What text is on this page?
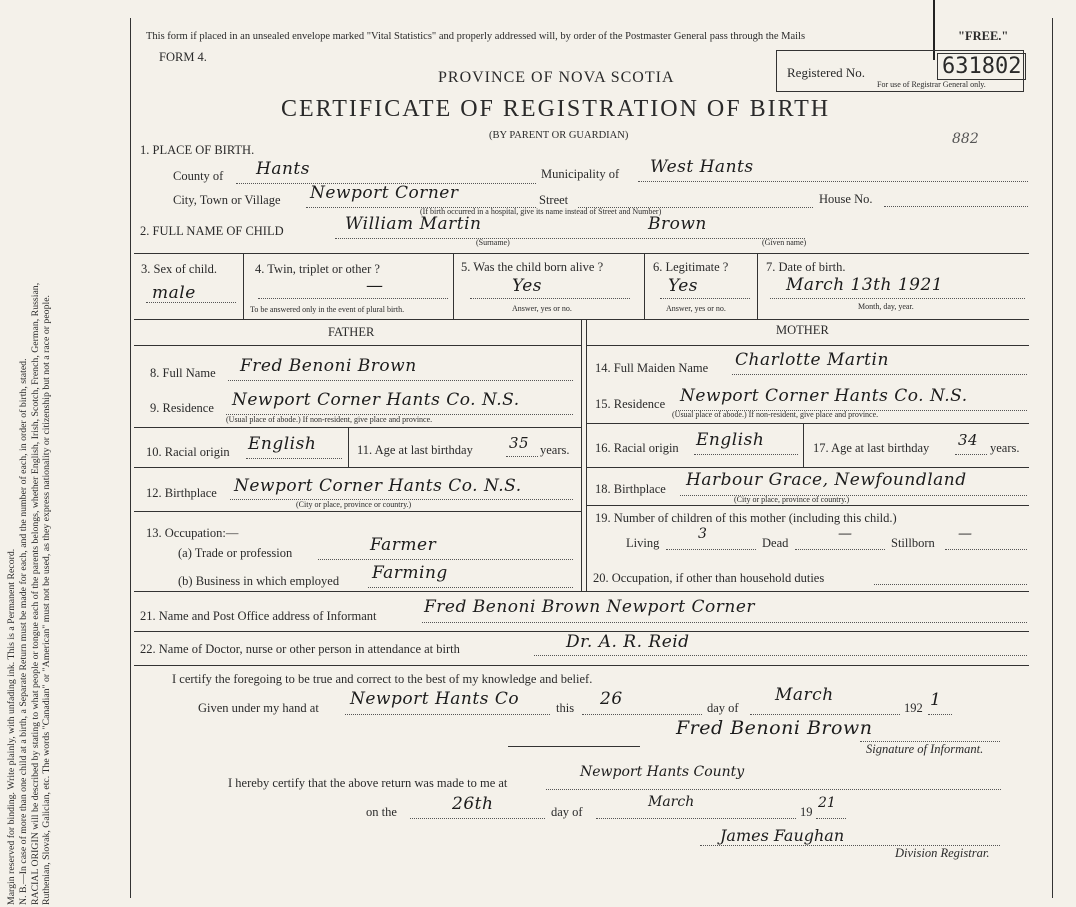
Margin reserved for binding. Write plainly, with unfading ink. This is a Permanent Record. N. B.—In case of more than one child at a birth, a Separate Return must be made for each, and the number of each, in order of birth, stated. RACIAL ORIGIN will be described by stating to what people or tongue each of the parents belongs, whether English, Irish, Scotch, French, German, Russian, Ruthenian, Slovak, Galician, etc. The words "Canadian" or "American" must not be used, as they express nationality or citizenship but not a race or people.
This form if placed in an unsealed envelope marked "Vital Statistics" and properly addressed will, by order of the Postmaster General pass through the Mails	"FREE."
FORM 4.
PROVINCE OF NOVA SCOTIA
CERTIFICATE OF REGISTRATION OF BIRTH
(BY PARENT OR GUARDIAN)
Registered No.	631802
For use of Registrar General only.
882
1. PLACE OF BIRTH.
County of Hants	Municipality of West Hants
City, Town or Village Newport Corner	Street	House No.
(If birth occurred in a hospital, give its name instead of Street and Number)
2. FULL NAME OF CHILD	William Martin	Brown
(Surname)	(Given name)
3. Sex of child.
male
4. Twin, triplet or other ?
—
To be answered only in the event of plural birth.
5. Was the child born alive ?
Yes
Answer, yes or no.
6. Legitimate ?
Yes
Answer, yes or no.
7. Date of birth.
March 13th 1921
Month, day, year.
FATHER	MOTHER
8. Full Name Fred Benoni Brown
9. Residence Newport Corner Hants Co. N.S.
(Usual place of abode.) If non-resident, give place and province.
10. Racial origin English	11. Age at last birthday 35 years.
12. Birthplace Newport Corner Hants Co. N.S.
(City or place, province or country.)
13. Occupation:—
(a) Trade or profession	Farmer
(b) Business in which employed Farming
14. Full Maiden Name Charlotte Martin
15. Residence Newport Corner Hants Co. N.S.
(Usual place of abode.) If non-resident, give place and province.
16. Racial origin English	17. Age at last birthday 34 years.
18. Birthplace Harbour Grace, Newfoundland
(City or place, province of country.)
19. Number of children of this mother (including this child.)
Living
3
Dead
—
Stillborn
—
20. Occupation, if other than household duties
21. Name and Post Office address of Informant	Fred Benoni Brown Newport Corner
22. Name of Doctor, nurse or other person in attendance at birth	Dr. A. R. Reid
I certify the foregoing to be true and correct to the best of my knowledge and belief.
Given under my hand at Newport Hants Co	this 26	day of
March
192 1
Fred Benoni Brown
Signature of Informant.
I hereby certify that the above return was made to me at
Newport Hants County
on the	26th	day of
March
19
21
James Faughan
Division Registrar.
